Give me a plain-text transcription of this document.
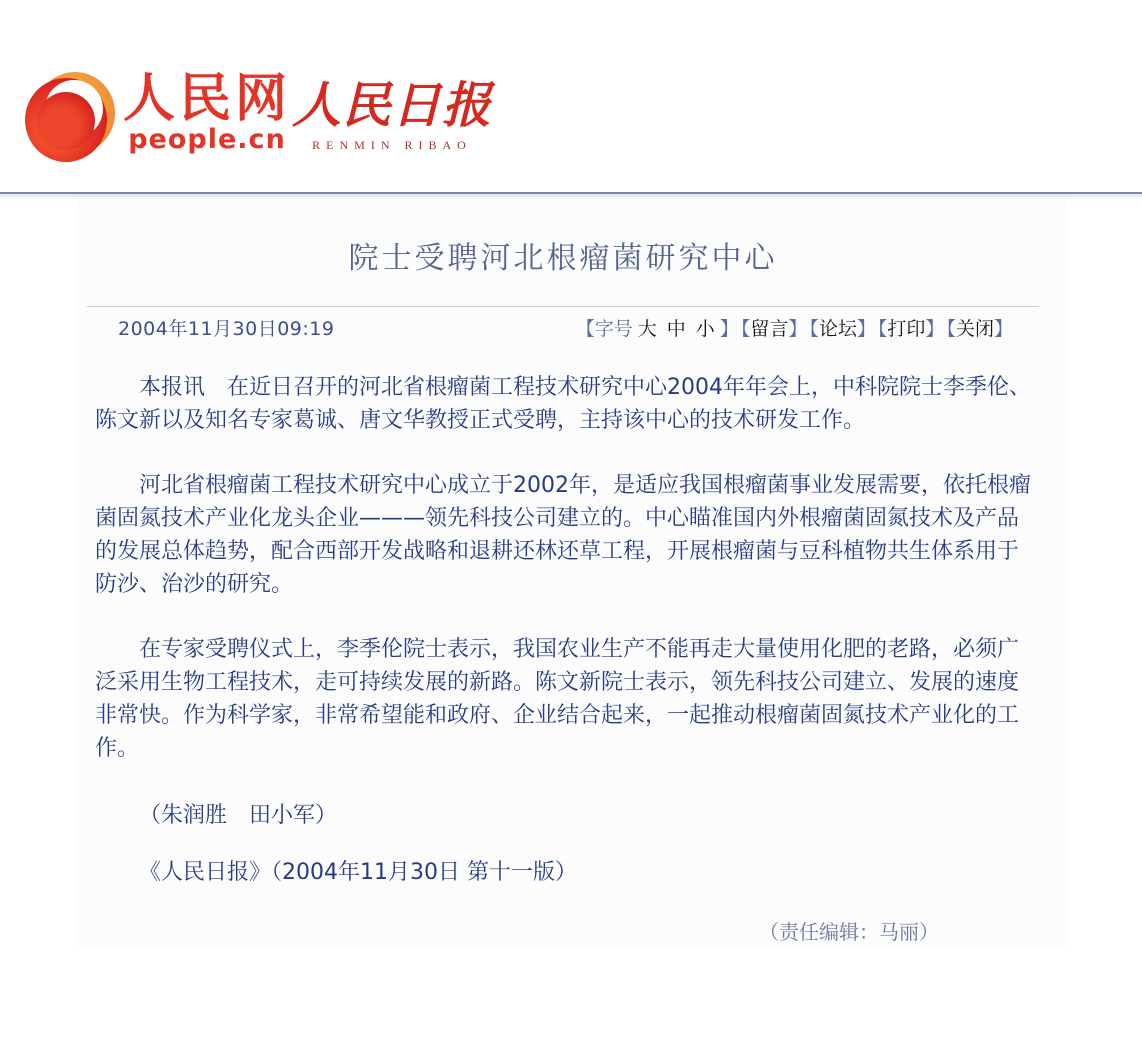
人民网
people.cn
人民日报
RENMIN RIBAO
院士受聘河北根瘤菌研究中心
2004年11月30日09:19	【字号 大 中 小 】 【留言】 【论坛】 【打印】 【关闭】

本报讯　在近日召开的河北省根瘤菌工程技术研究中心2004年年会上，中科院院士李季伦、陈文新以及知名专家葛诚、唐文华教授正式受聘，主持该中心的技术研发工作。

河北省根瘤菌工程技术研究中心成立于2002年，是适应我国根瘤菌事业发展需要，依托根瘤菌固氮技术产业化龙头企业———领先科技公司建立的。中心瞄准国内外根瘤菌固氮技术及产品的发展总体趋势，配合西部开发战略和退耕还林还草工程，开展根瘤菌与豆科植物共生体系用于防沙、治沙的研究。

在专家受聘仪式上，李季伦院士表示，我国农业生产不能再走大量使用化肥的老路，必须广泛采用生物工程技术，走可持续发展的新路。陈文新院士表示，领先科技公司建立、发展的速度非常快。作为科学家，非常希望能和政府、企业结合起来，一起推动根瘤菌固氮技术产业化的工作。

（朱润胜　田小军）
《人民日报》（2004年11月30日 第十一版）
（责任编辑：马丽）
